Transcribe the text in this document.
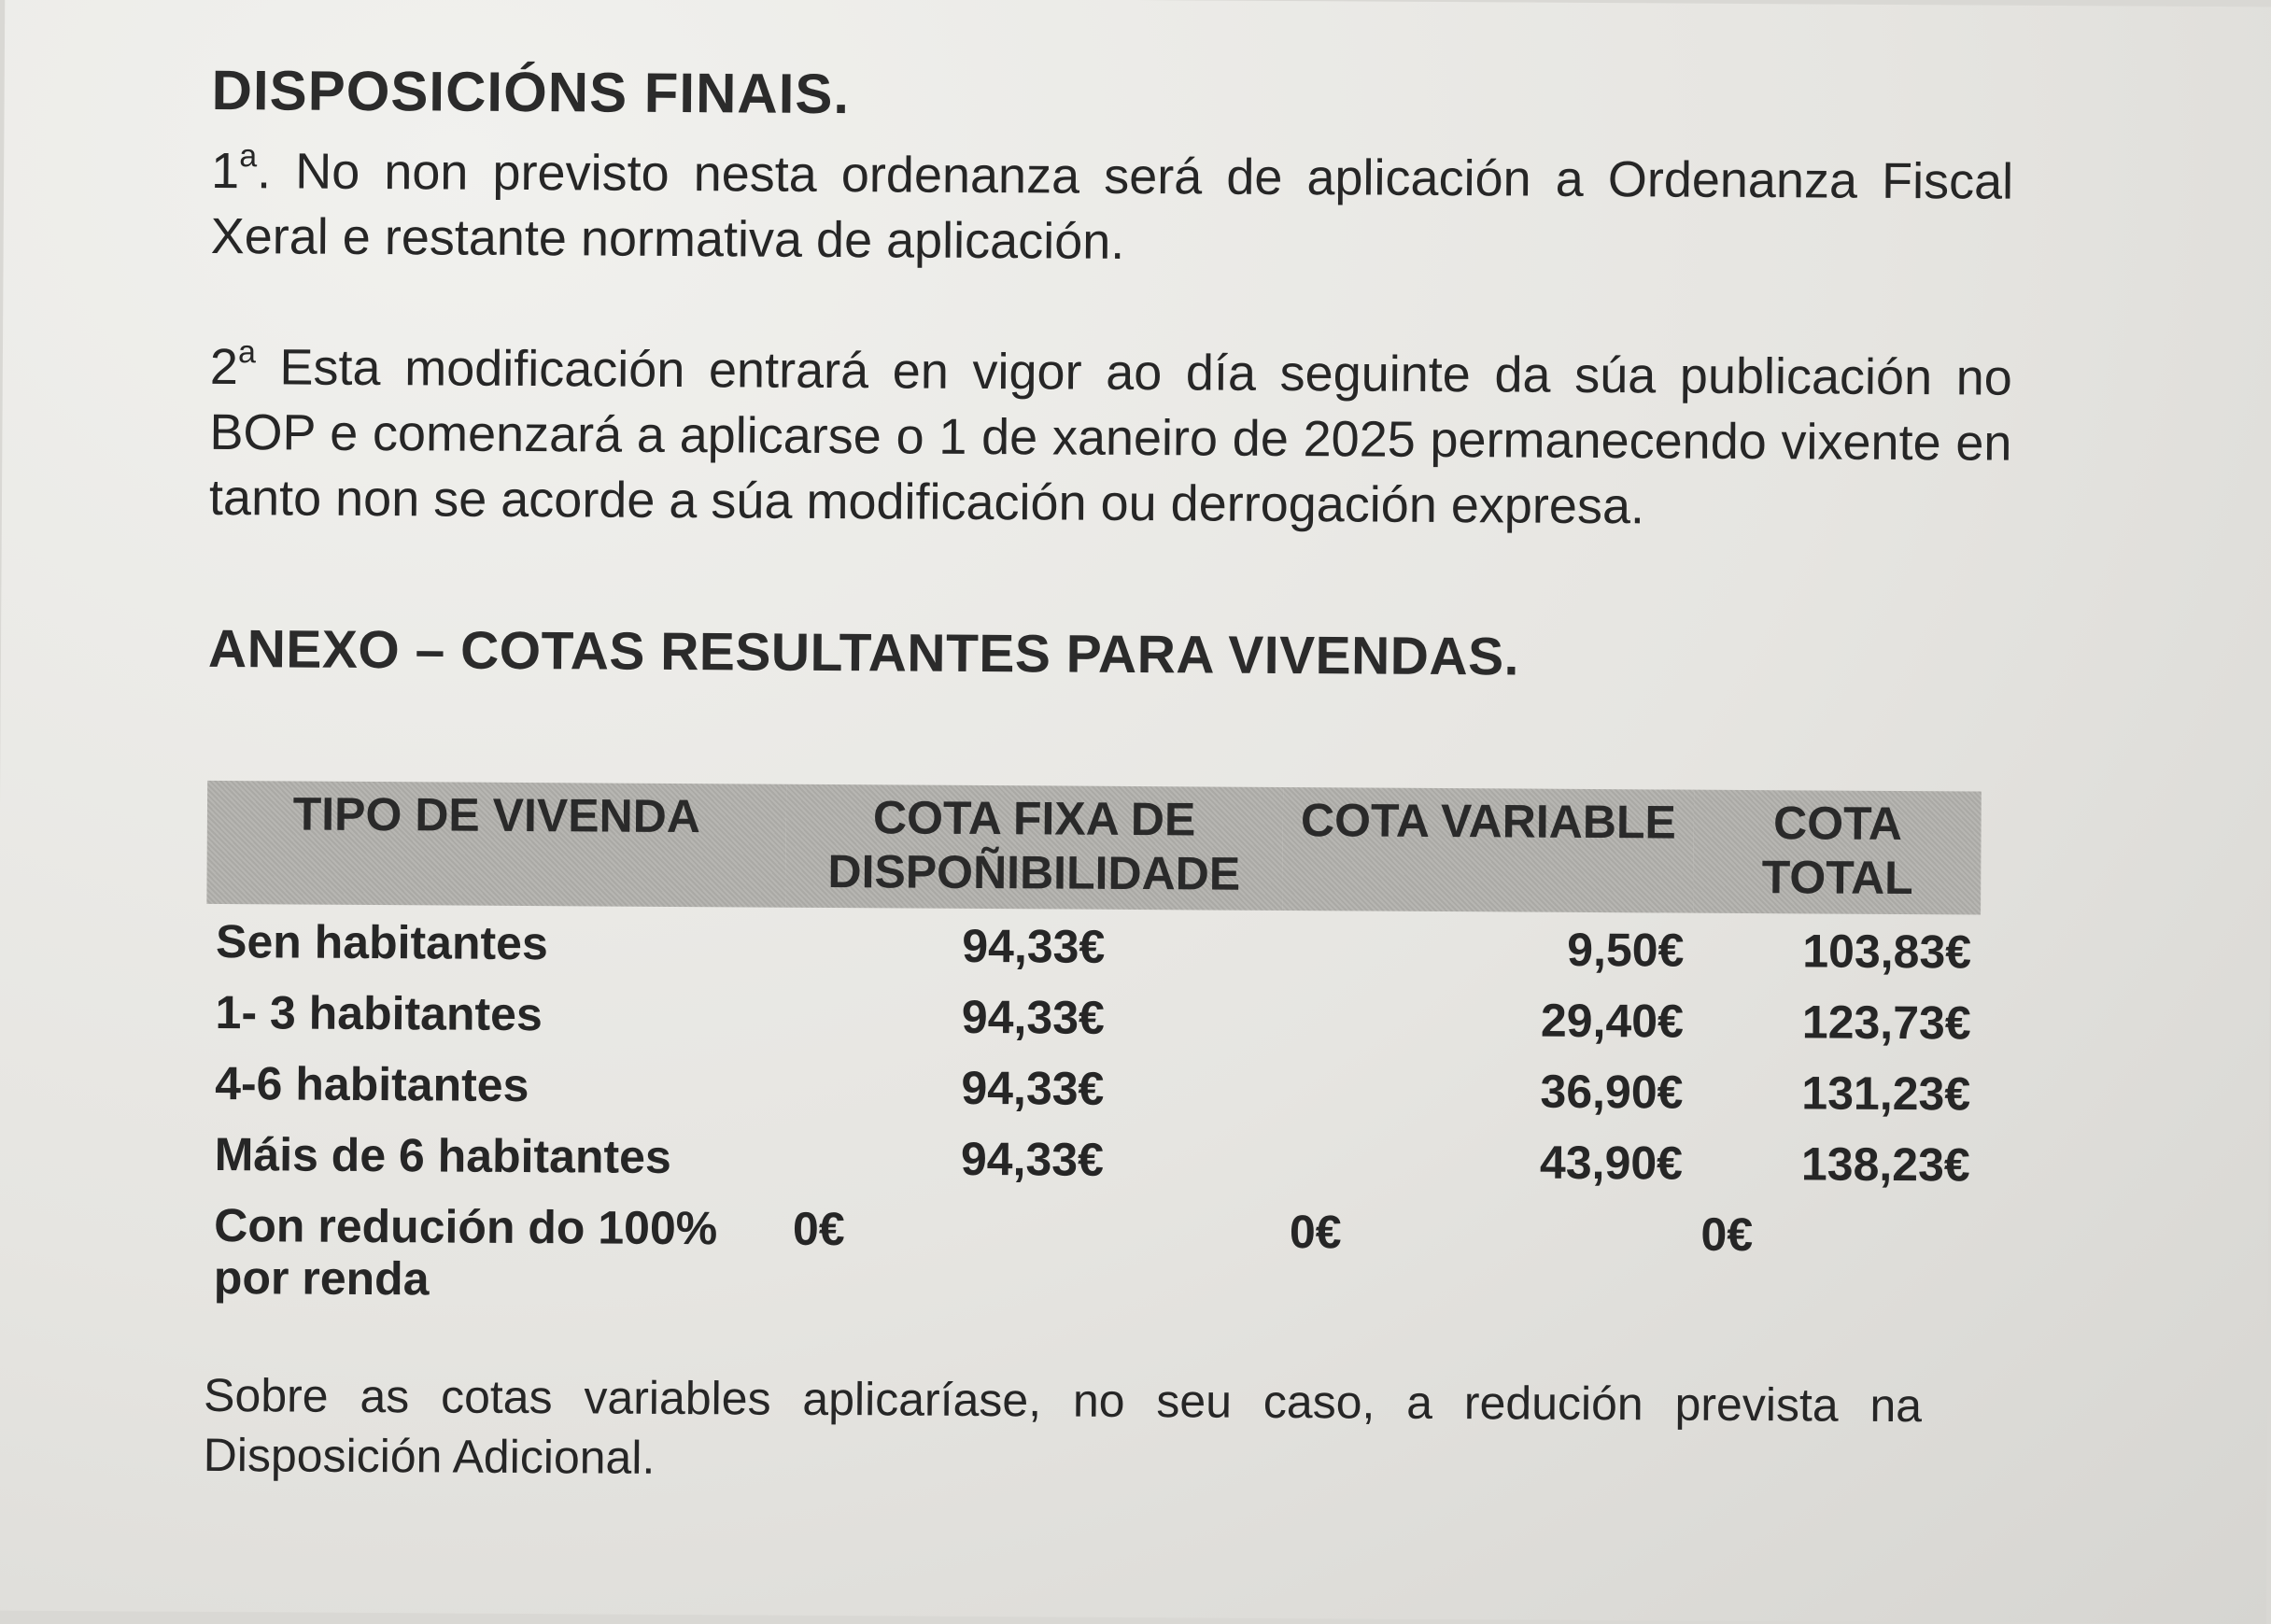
DISPOSICIÓNS FINAIS.

1$^a$. No non previsto nesta ordenanza será de aplicación a Ordenanza Fiscal Xeral e restante normativa de aplicación.

2$^a$ Esta modificación entrará en vigor ao día seguinte da súa publicación no BOP e comenzará a aplicarse o 1 de xaneiro de 2025 permanecendo vixente en tanto non se acorde a súa modificación ou derrogación expresa.

ANEXO – COTAS RESULTANTES PARA VIVENDAS.
TIPO DE VIVENDA	COTA FIXA DE DISPOÑIBILIDADE	COTA VARIABLE	COTA TOTAL
Sen habitantes	94,33€	9,50€	103,83€
1- 3 habitantes	94,33€	29,40€	123,73€
4-6 habitantes	94,33€	36,90€	131,23€
Máis de 6 habitantes	94,33€	43,90€	138,23€
Con redución do 100% por renda	0€	0€	0€

Sobre as cotas variables aplicaríase, no seu caso, a redución prevista na Disposición Adicional.
